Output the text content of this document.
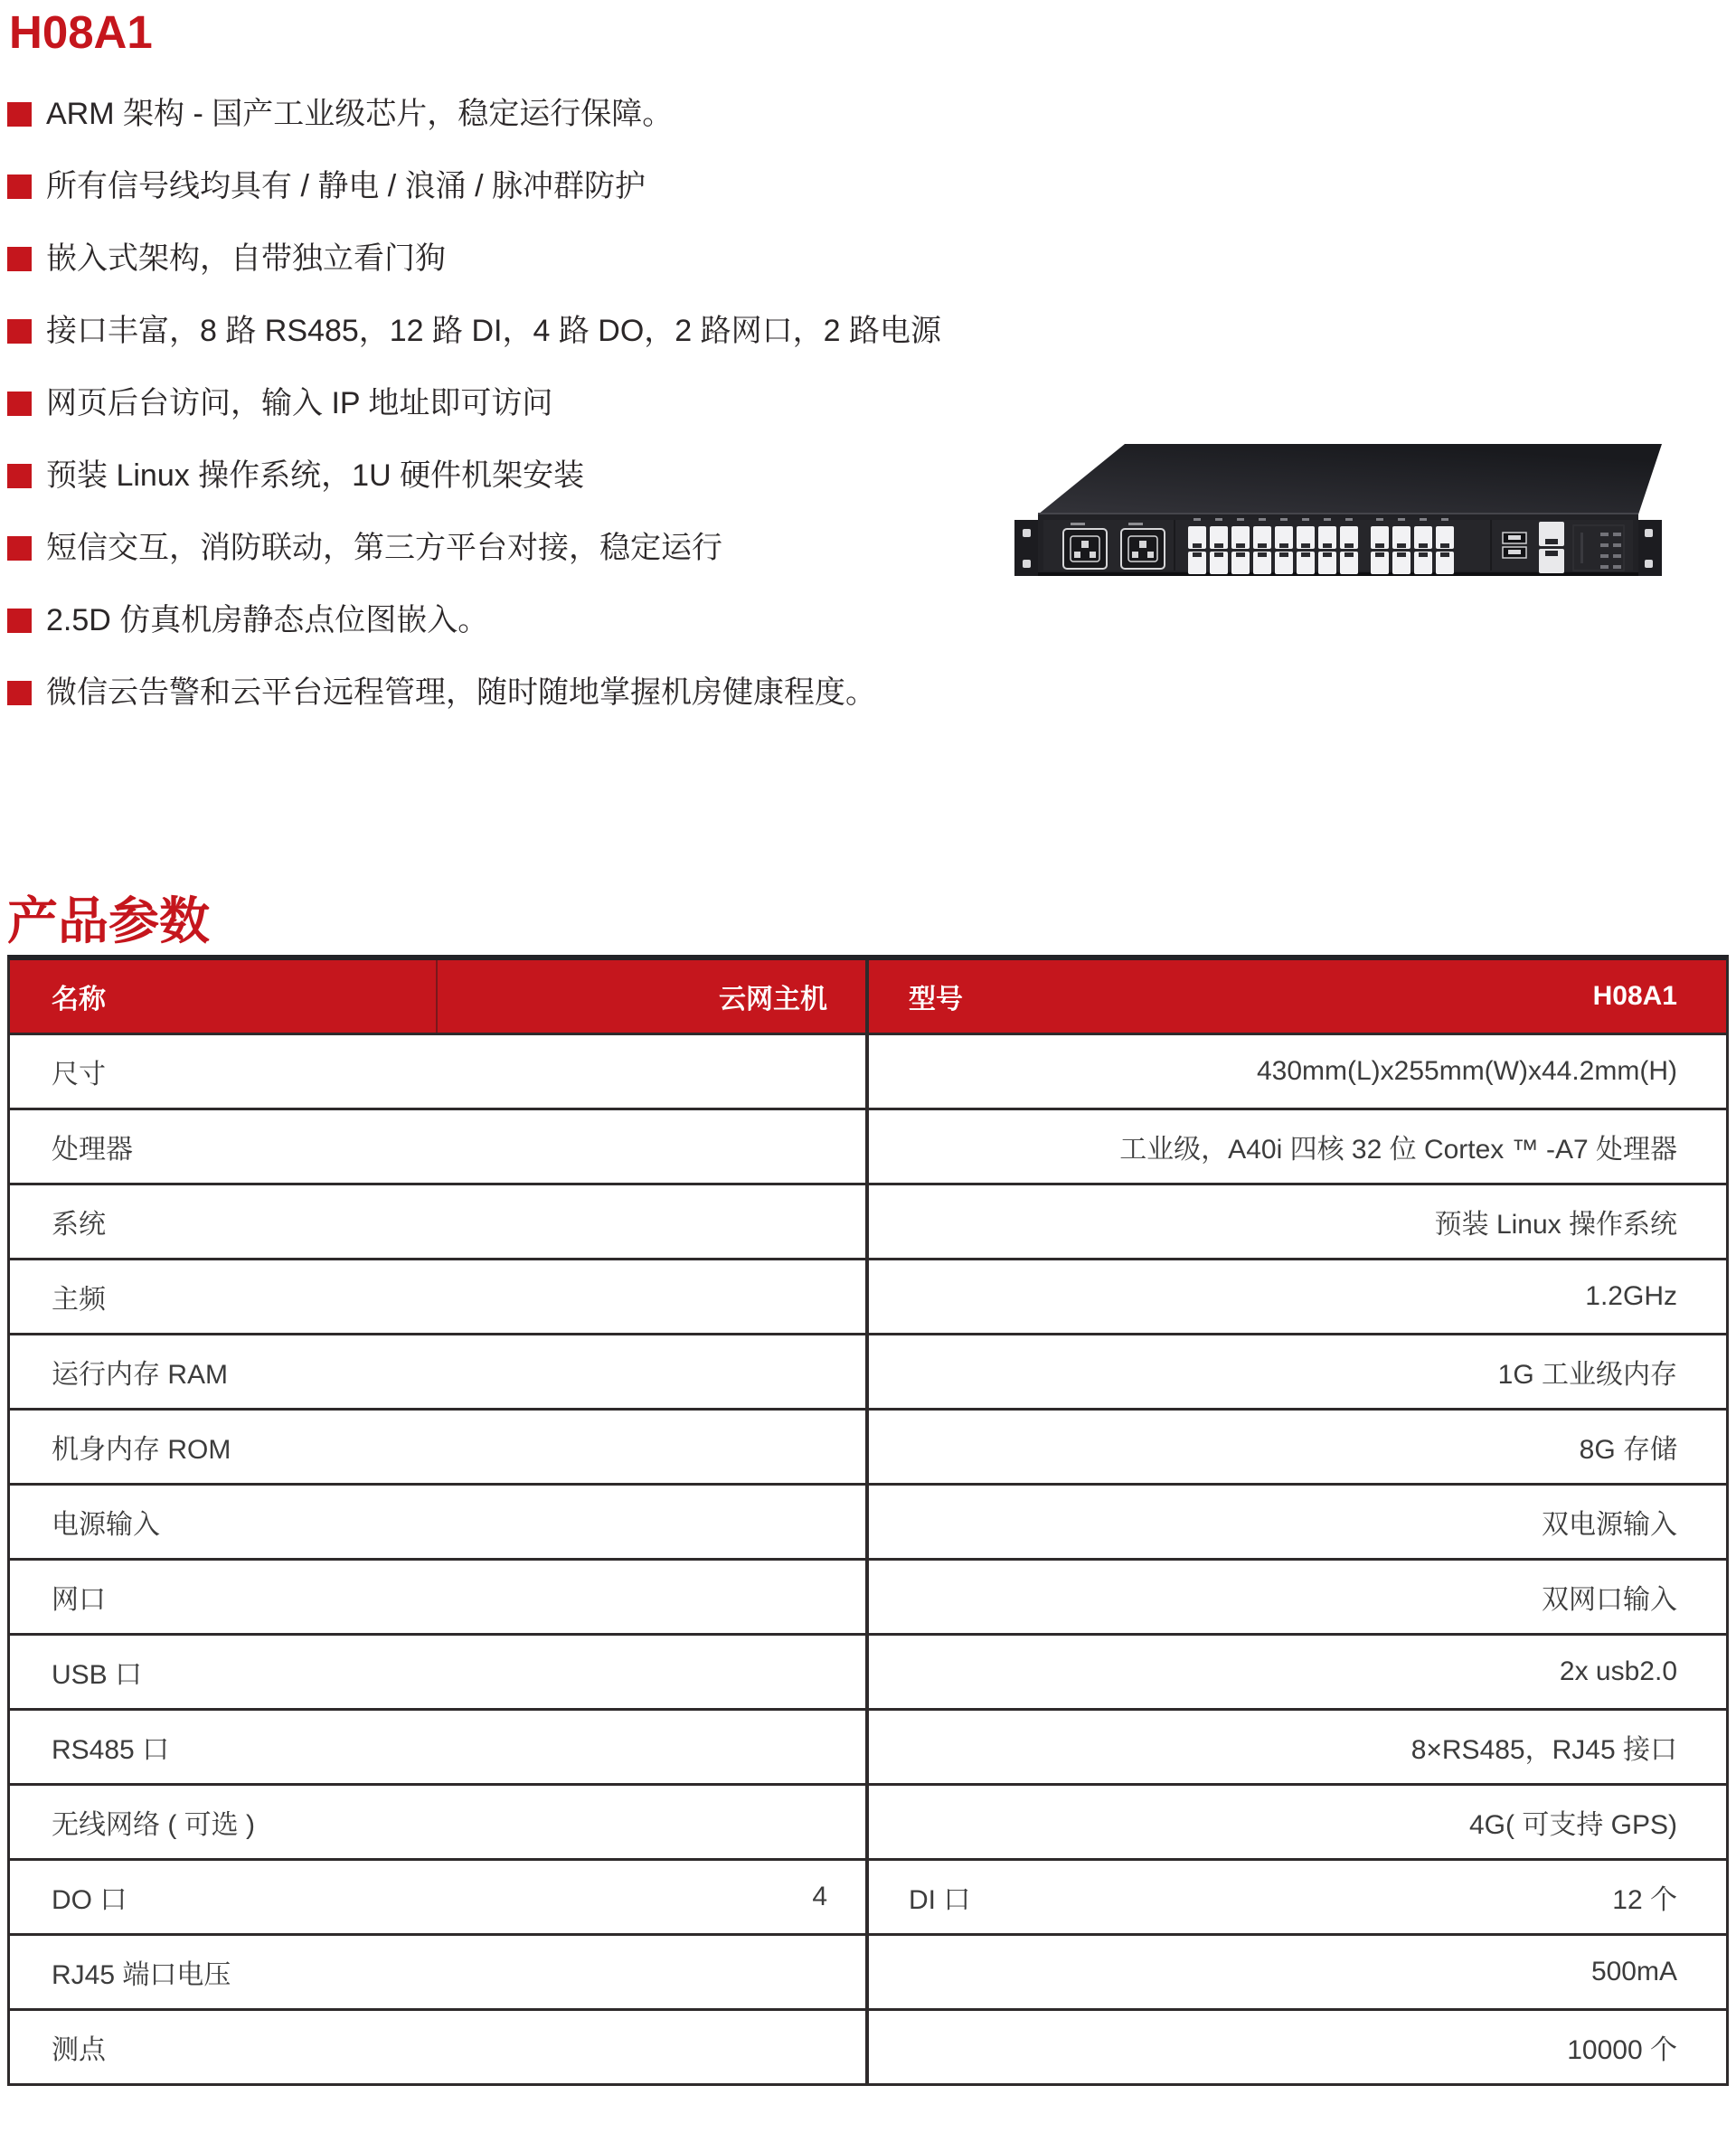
H08A1
ARM 架构 - 国产工业级芯片，稳定运行保障。
所有信号线均具有 / 静电 / 浪涌 / 脉冲群防护
嵌入式架构，自带独立看门狗
接口丰富，8 路 RS485，12 路 DI，4 路 DO，2 路网口，2 路电源
网页后台访问，输入 IP 地址即可访问
预装 Linux 操作系统，1U 硬件机架安装
短信交互，消防联动，第三方平台对接，稳定运行
2.5D 仿真机房静态点位图嵌入。
微信云告警和云平台远程管理，随时随地掌握机房健康程度。
产品参数
名称	云网主机	型号	H08A1
尺寸	430mm(L)x255mm(W)x44.2mm(H)
处理器	工业级，A40i 四核 32 位 Cortex ™ -A7 处理器
系统	预装 Linux 操作系统
主频	1.2GHz
运行内存 RAM	1G 工业级内存
机身内存 ROM	8G 存储
电源输入	双电源输入
网口	双网口输入
USB 口	2x usb2.0
RS485 口	8×RS485，RJ45 接口
无线网络 ( 可选 )	4G( 可支持 GPS)
DO 口	4	DI 口	12 个
RJ45 端口电压	500mA
测点	10000 个
